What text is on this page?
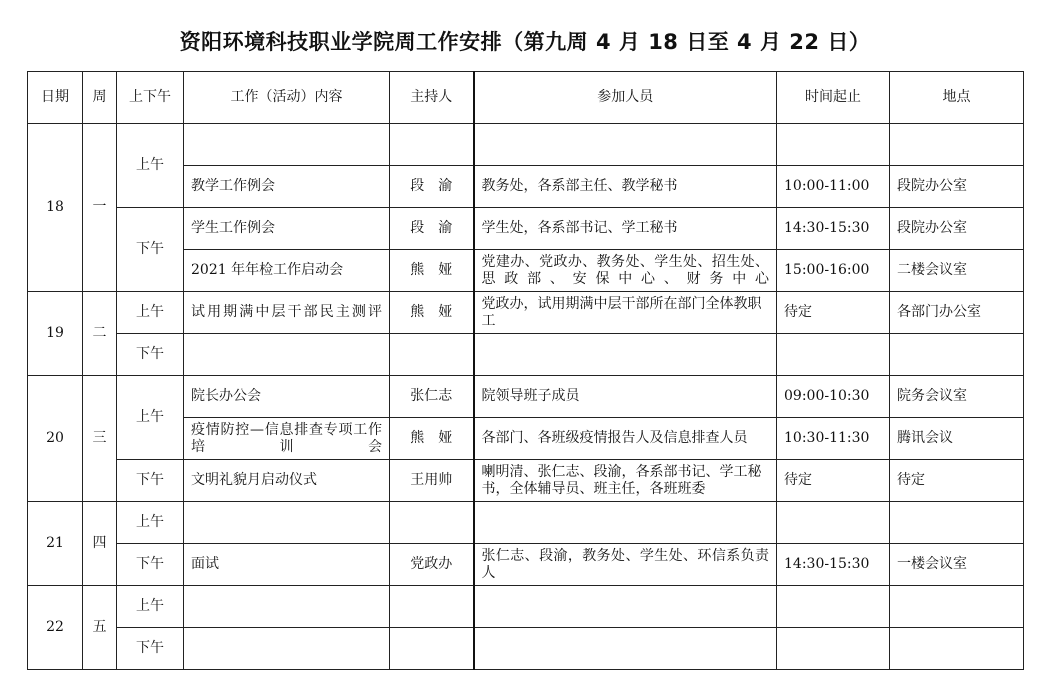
资阳环境科技职业学院周工作安排（第九周 4 月 18 日至 4 月 22 日）
日期	周	上下午	工作（活动）内容	主持人	参加人员	时间起止	地点
18	一	上午					
			教学工作例会	段　渝	教务处，各系部主任、教学秘书	10:00-11:00	段院办公室
		下午	学生工作例会	段　渝	学生处，各系部书记、学工秘书	14:30-15:30	段院办公室
			2021 年年检工作启动会	熊　娅	党建办、党政办、教务处、学生处、招生处、思政部、安保中心、财务中心	15:00-16:00	二楼会议室
19	二	上午	试用期满中层干部民主测评	熊　娅	党政办，试用期满中层干部所在部门全体教职工	待定	各部门办公室
		下午					
20	三	上午	院长办公会	张仁志	院领导班子成员	09:00-10:30	院务会议室
			疫情防控—信息排查专项工作培训会	熊　娅	各部门、各班级疫情报告人及信息排查人员	10:30-11:30	腾讯会议
		下午	文明礼貌月启动仪式	王用帅	喇明清、张仁志、段渝，各系部书记、学工秘书，全体辅导员、班主任，各班班委	待定	待定
21	四	上午					
		下午	面试	党政办	张仁志、段渝，教务处、学生处、环信系负责人	14:30-15:30	一楼会议室
22	五	上午					
		下午					
